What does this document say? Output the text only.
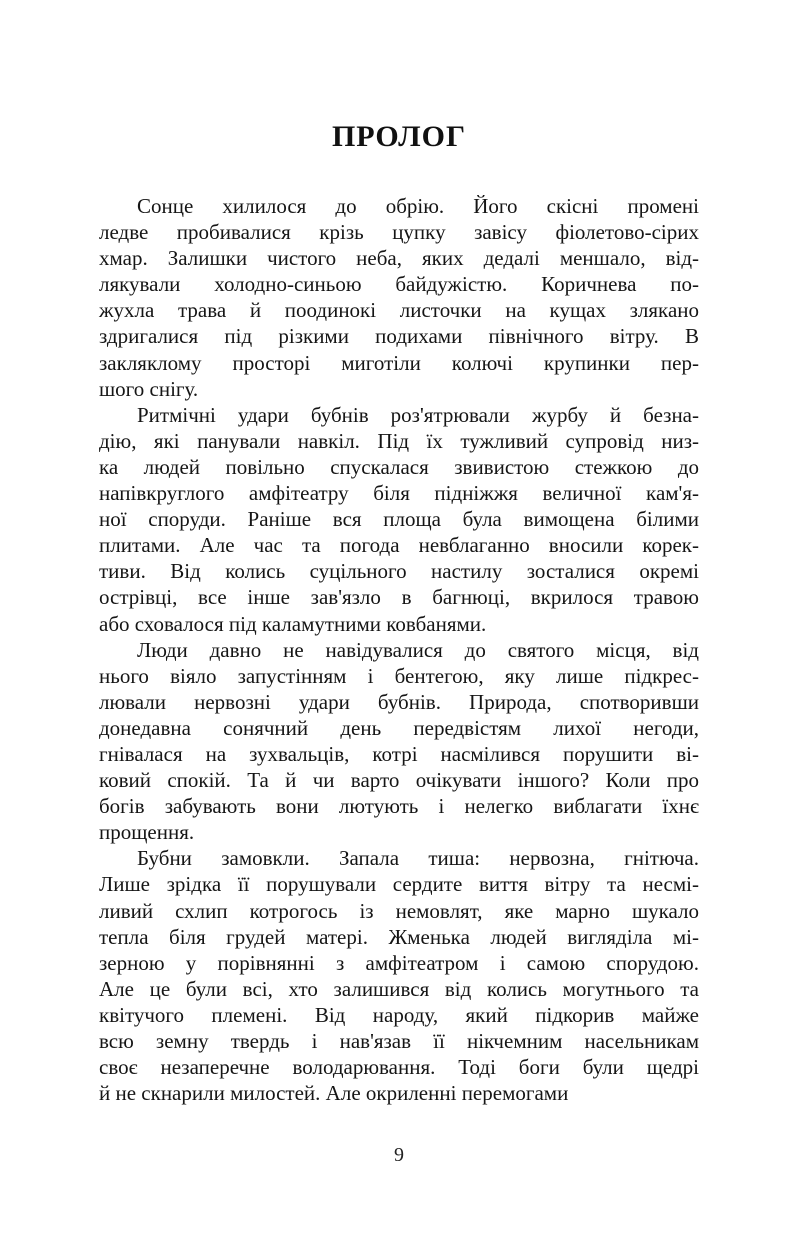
ПРОЛОГ
Сонце хилилося до обрію. Його скісні промені
ледве пробивалися крізь цупку завісу фіолетово-сірих
хмар. Залишки чистого неба, яких дедалі меншало, від-
лякували холодно-синьою байдужістю. Коричнева по-
жухла трава й поодинокі листочки на кущах злякано
здригалися під різкими подихами північного вітру. В
закляклому просторі миготіли колючі крупинки пер-
шого снігу.
Ритмічні удари бубнів роз'ятрювали журбу й безна-
дію, які панували навкіл. Під їх тужливий супровід низ-
ка людей повільно спускалася звивистою стежкою до
напівкруглого амфітеатру біля підніжжя величної кам'я-
ної споруди. Раніше вся площа була вимощена білими
плитами. Але час та погода невблаганно вносили корек-
тиви. Від колись суцільного настилу зосталися окремі
острівці, все інше зав'язло в багнюці, вкрилося травою
або сховалося під каламутними ковбанями.
Люди давно не навідувалися до святого місця, від
нього віяло запустінням і бентегою, яку лише підкрес-
лювали нервозні удари бубнів. Природа, спотворивши
донедавна сонячний день передвістям лихої негоди,
гнівалася на зухвальців, котрі насмілився порушити ві-
ковий спокій. Та й чи варто очікувати іншого? Коли про
богів забувають вони лютують і нелегко виблагати їхнє
прощення.
Бубни замовкли. Запала тиша: нервозна, гнітюча.
Лише зрідка її порушували сердите виття вітру та несмі-
ливий схлип котрогось із немовлят, яке марно шукало
тепла біля грудей матері. Жменька людей вигляділа мі-
зерною у порівнянні з амфітеатром і самою спорудою.
Але це були всі, хто залишився від колись могутнього та
квітучого племені. Від народу, який підкорив майже
всю земну твердь і нав'язав її нікчемним насельникам
своє незаперечне володарювання. Тоді боги були щедрі
й не скнарили милостей. Але окриленні перемогами
9
